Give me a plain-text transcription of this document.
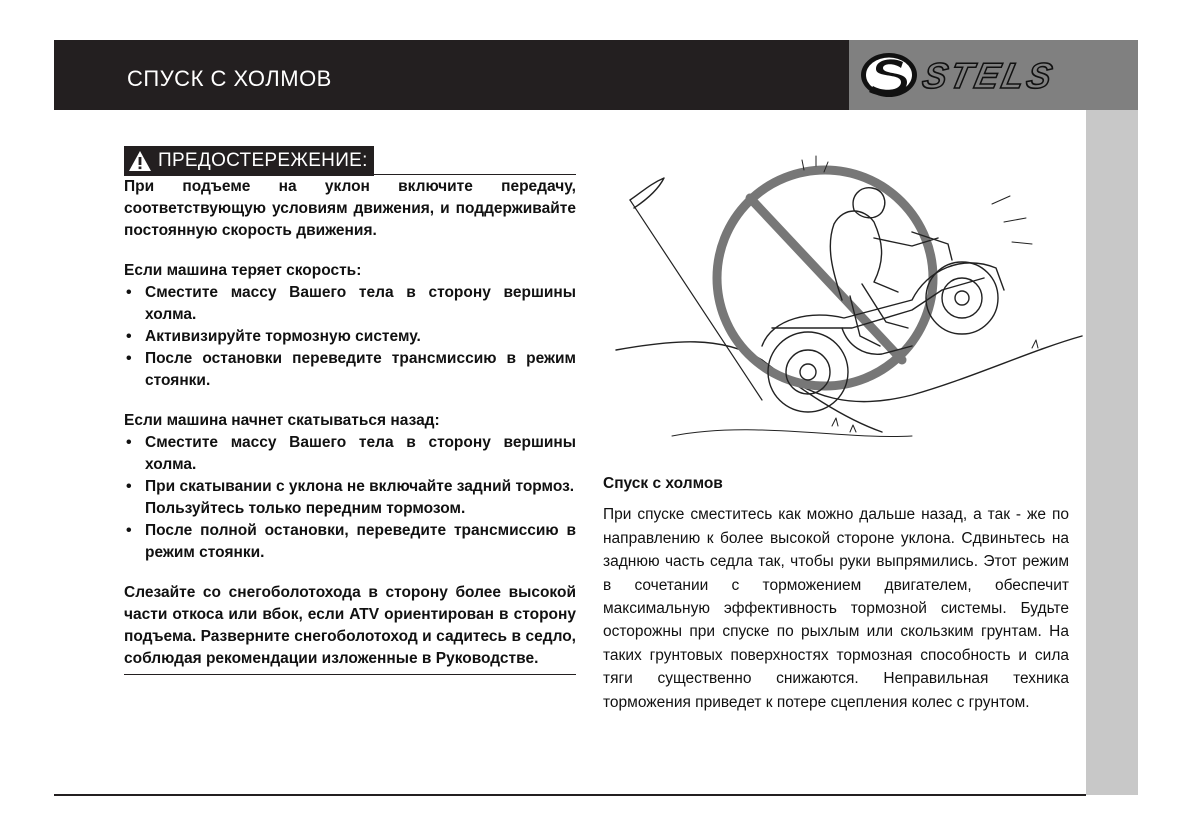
СПУСК С ХОЛМОВ	STELS
ПРЕДОСТЕРЕЖЕНИЕ:

При подъеме на уклон включите передачу, соответствующую условиям движения, и поддерживайте постоянную скорость движения.

Если машина теряет скорость:

• Сместите массу Вашего тела в сторону вершины холма.
• Активизируйте тормозную систему.
• После остановки переведите трансмиссию в режим стоянки.

Если машина начнет скатываться назад:

• Сместите массу Вашего тела в сторону вершины холма.
• При скатывании с уклона не включайте задний тормоз.

Пользуйтесь только передним тормозом.

• После полной остановки, переведите трансмиссию в режим стоянки.

Слезайте со снегоболотохода в сторону более высокой части откоса или вбок, если ATV ориентирован в сторону подъема. Разверните снегоболотоход и садитесь в седло, соблюдая рекомендации изложенные в Руководстве.

Спуск с холмов

При спуске сместитесь как можно дальше назад, а так - же по направлению к более высокой стороне уклона. Сдвиньтесь на заднюю часть седла так, чтобы руки выпрямились. Этот режим в сочетании с торможением двигателем, обеспечит максимальную эффективность тормозной системы. Будьте осторожны при спуске по рыхлым или скользким грунтам. На таких грунтовых поверхностях тормозная способность и сила тяги существенно снижаются. Неправильная техника торможения приведет к потере сцепления колес с грунтом.
